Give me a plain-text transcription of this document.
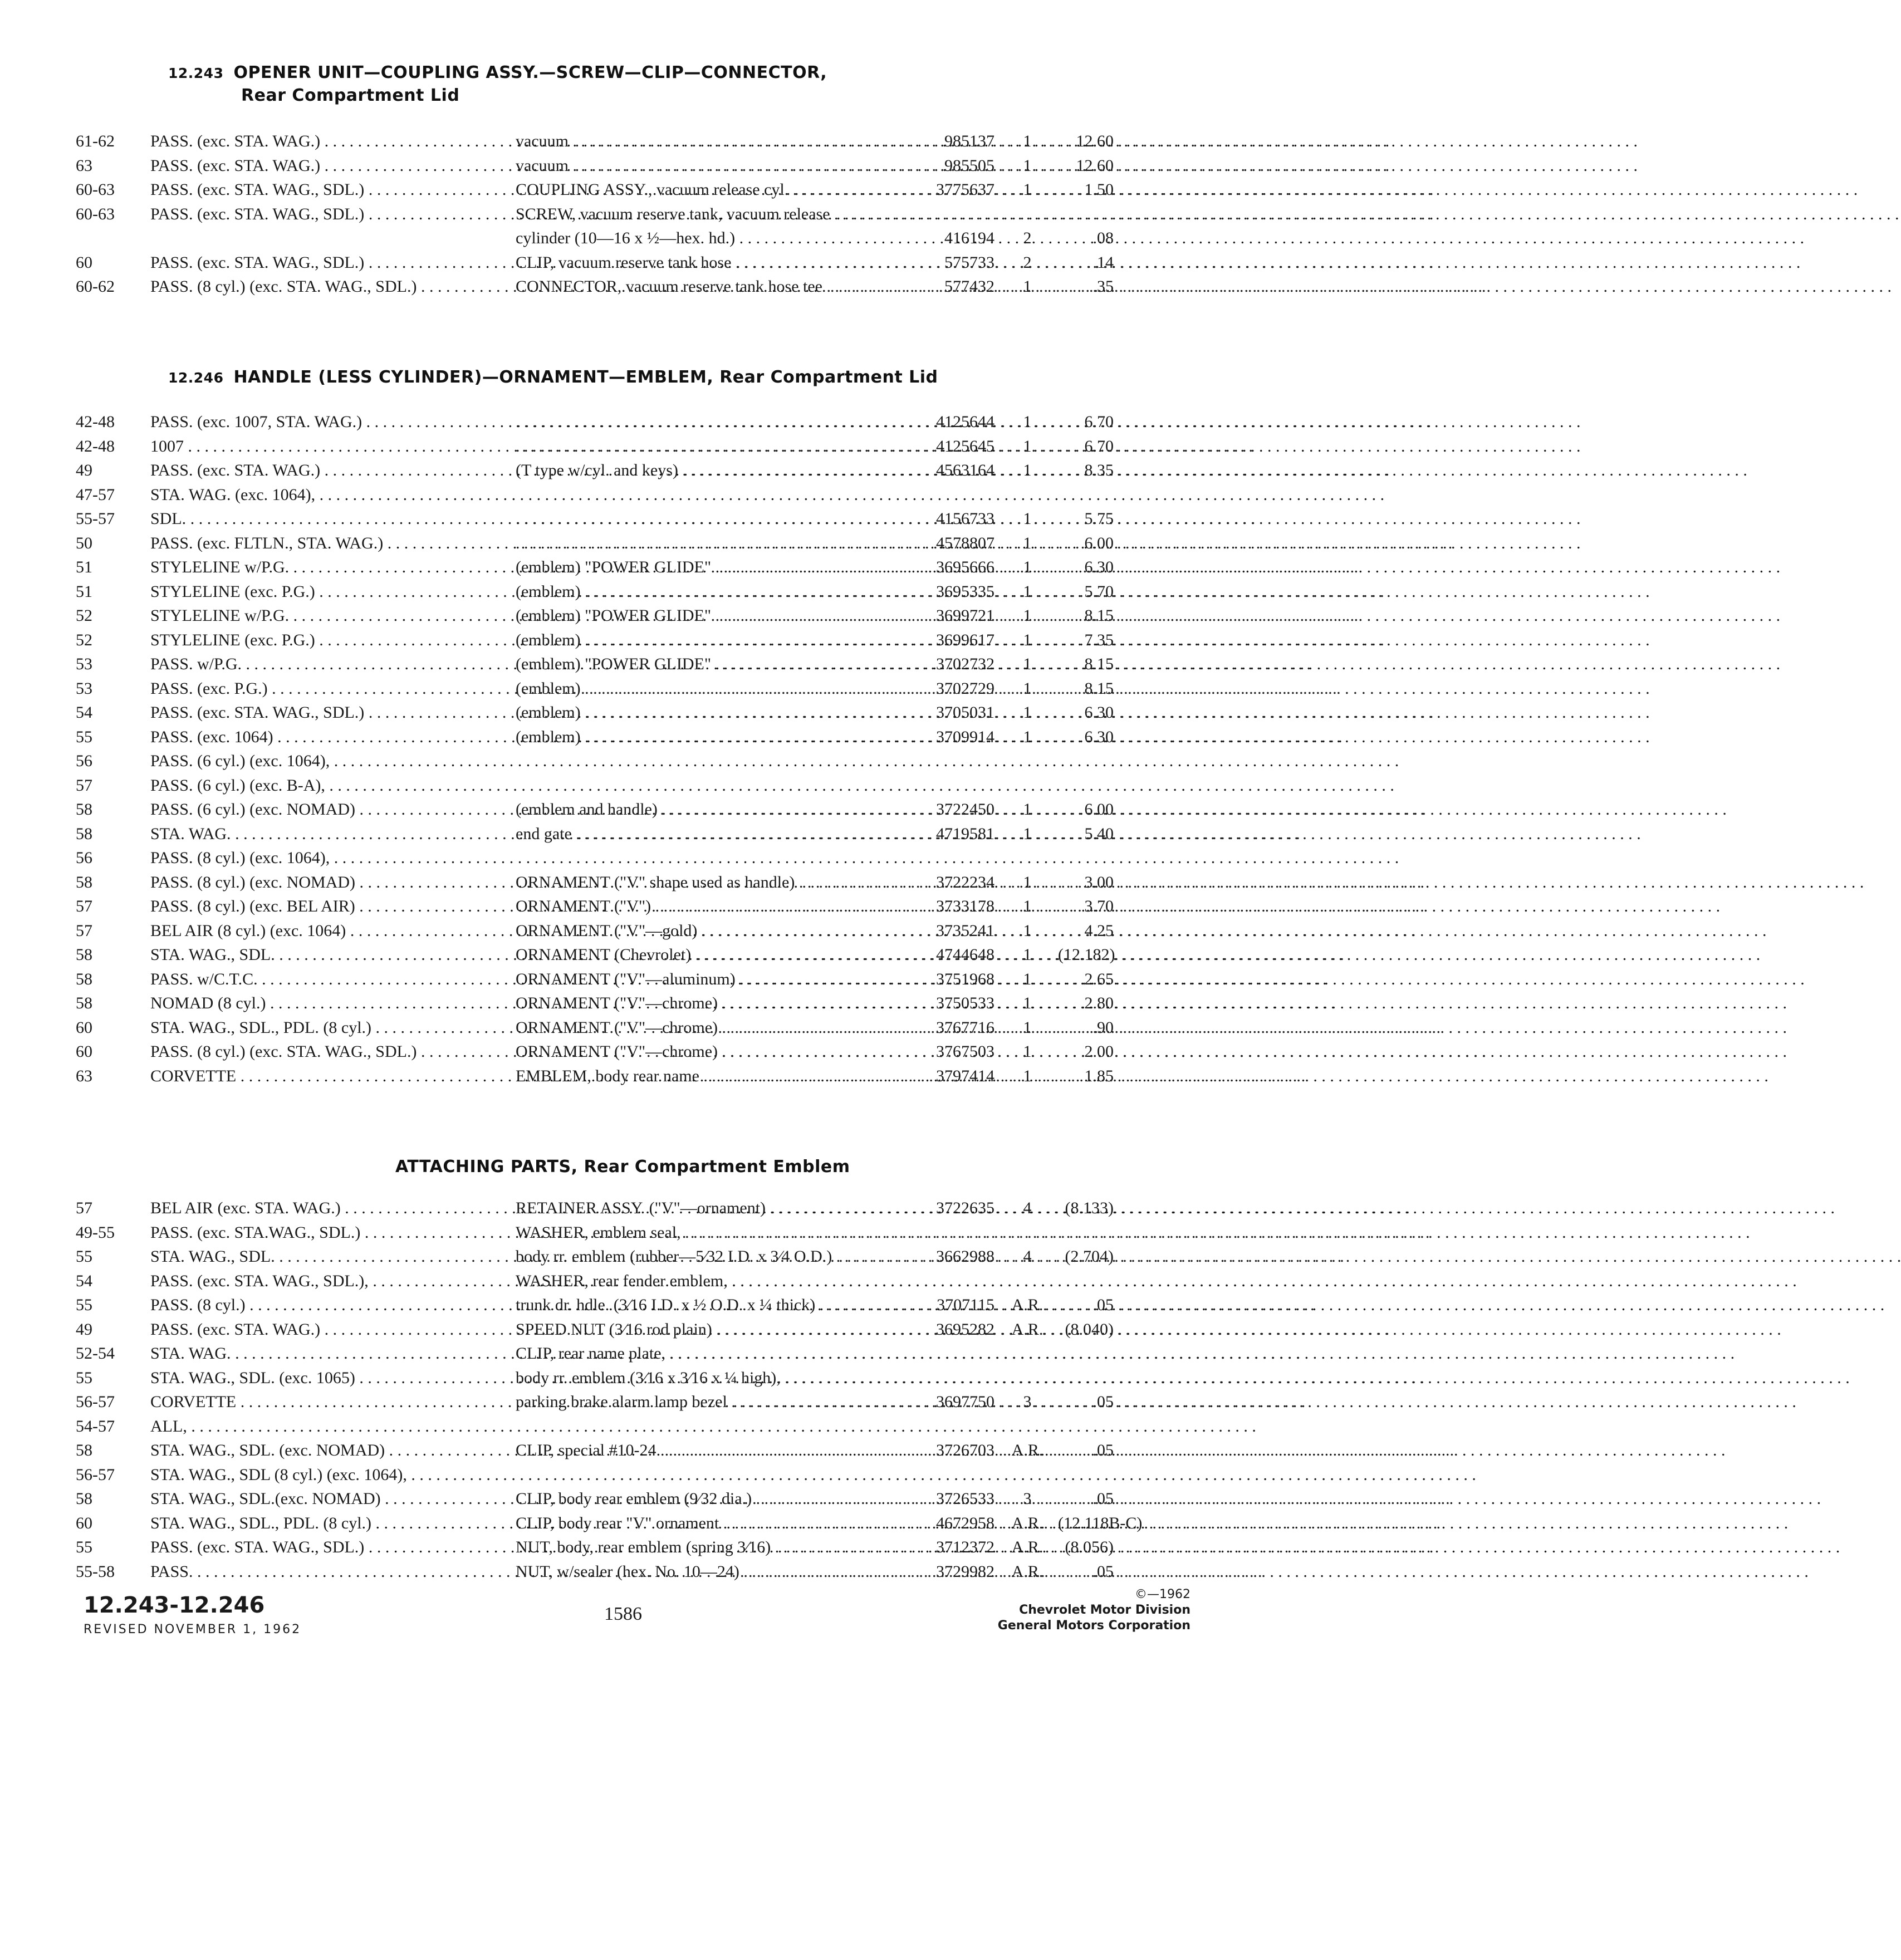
12.243 OPENER UNIT—COUPLING ASSY.—SCREW—CLIP—CONNECTOR,
Rear Compartment Lid
61-62	PASS. (exc. STA. WAG.) . . .	vacuum . . .	985137	1	12.60
63	PASS. (exc. STA. WAG.) . . .	vacuum . . .	985505	1	12.60
60-63	PASS. (exc. STA. WAG., SDL.) . . .	COUPLING ASSY., vacuum release cyl. . . .	3775637	1	1.50
60-63	PASS. (exc. STA. WAG., SDL.) . . .	SCREW, vacuum reserve tank, vacuum release . . .
cylinder (10—16 x ½—hex. hd.) . . .	416194	2	.08
60	PASS. (exc. STA. WAG., SDL.) . . .	CLIP, vacuum reserve tank hose . . .	575733	2	.14
60-62	PASS. (8 cyl.) (exc. STA. WAG., SDL.) . . .	CONNECTOR, vacuum reserve tank hose tee . . .	577432	1	.35
12.246 HANDLE (LESS CYLINDER)—ORNAMENT—EMBLEM, Rear Compartment Lid
42-48	PASS. (exc. 1007, STA. WAG.) . . . . . .	4125644	1	6.70
42-48	1007 . . . . . .	4125645	1	6.70
49	PASS. (exc. STA. WAG.) . . .	(T type w/cyl. and keys) . . .	4563164	1	8.35
47-57	STA. WAG. (exc. 1064), . . .
55-57	SDL. . . . . . .	4156733	1	5.75
50	PASS. (exc. FLTLN., STA. WAG.) . . . . . .	4578807	1	6.00
51	STYLELINE w/P.G. . . .	(emblem) "POWER GLIDE" . . .	3695666	1	6.30
51	STYLELINE (exc. P.G.) . . .	(emblem) . . .	3695335	1	5.70
52	STYLELINE w/P.G. . . .	(emblem) "POWER GLIDE" . . .	3699721	1	8.15
52	STYLELINE (exc. P.G.) . . .	(emblem) . . .	3699617	1	7.35
53	PASS. w/P.G. . . .	(emblem) "POWER GLIDE" . . .	3702732	1	8.15
53	PASS. (exc. P.G.) . . .	(emblem) . . .	3702729	1	8.15
54	PASS. (exc. STA. WAG., SDL.) . . .	(emblem) . . .	3705031	1	6.30
55	PASS. (exc. 1064) . . .	(emblem) . . .	3709914	1	6.30
56	PASS. (6 cyl.) (exc. 1064), . . .
57	PASS. (6 cyl.) (exc. B-A), . . .
58	PASS. (6 cyl.) (exc. NOMAD) . . .	(emblem and handle) . . .	3722450	1	6.00
58	STA. WAG. . . .	end gate . . .	4719581	1	5.40
56	PASS. (8 cyl.) (exc. 1064), . . .
58	PASS. (8 cyl.) (exc. NOMAD) . . .	ORNAMENT ("V" shape used as handle) . . .	3722234	1	3.00
57	PASS. (8 cyl.) (exc. BEL AIR) . . .	ORNAMENT ("V") . . .	3733178	1	3.70
57	BEL AIR (8 cyl.) (exc. 1064) . . .	ORNAMENT ("V"—gold) . . .	3735241	1	4.25
58	STA. WAG., SDL. . . .	ORNAMENT (Chevrolet) . . .	4744648	1	(12.182)
58	PASS. w/C.T.C. . . .	ORNAMENT ("V"—aluminum) . . .	3751968	1	2.65
58	NOMAD (8 cyl.) . . .	ORNAMENT ("V"—chrome) . . .	3750533	1	2.80
60	STA. WAG., SDL., PDL. (8 cyl.) . . .	ORNAMENT ("V"—chrome) . . .	3767716	1	.90
60	PASS. (8 cyl.) (exc. STA. WAG., SDL.) . . .	ORNAMENT ("V"—chrome) . . .	3767503	1	2.00
63	CORVETTE . . .	EMBLEM, body rear name . . .	3797414	1	1.85
ATTACHING PARTS, Rear Compartment Emblem
57	BEL AIR (exc. STA. WAG.) . . .	RETAINER ASSY. ("V"—ornament) . . .	3722635	4	(8.133)
49-55	PASS. (exc. STA.WAG., SDL.) . . .	WASHER, emblem seal, . . .
55	STA. WAG., SDL. . . .	body rr. emblem (rubber—5⁄32 I.D. x 3⁄4 O.D.) . . .	3662988	4	(2.704)
54	PASS. (exc. STA. WAG., SDL.), . . .	WASHER, rear fender emblem, . . .
55	PASS. (8 cyl.) . . .	trunk dr. hdle. (3⁄16 I.D. x ½ O.D. x ¼ thick) . . .	3707115	A.R.	.05
49	PASS. (exc. STA. WAG.) . . .	SPEED NUT (3⁄16 rod plain) . . .	3695282	A.R.	(8.040)
52-54	STA. WAG. . . .	CLIP, rear name plate, . . .
55	STA. WAG., SDL. (exc. 1065) . . .	body rr. emblem (3⁄16 x 3⁄16 x ¼ high), . . .
56-57	CORVETTE . . .	parking brake alarm lamp bezel . . .	3697750	3	.05
54-57	ALL, . . .
58	STA. WAG., SDL. (exc. NOMAD) . . .	CLIP, special #10-24 . . .	3726703	A.R.	.05
56-57	STA. WAG., SDL (8 cyl.) (exc. 1064), . . .
58	STA. WAG., SDL.(exc. NOMAD) . . .	CLIP, body rear emblem (9⁄32 dia.) . . .	3726533	3	.05
60	STA. WAG., SDL., PDL. (8 cyl.) . . .	CLIP, body rear "V" ornament . . .	4672958	A.R. (12.118B-C)
55	PASS. (exc. STA. WAG., SDL.) . . .	NUT, body, rear emblem (spring 3⁄16) . . .	3712372	A.R.	(8.056)
55-58	PASS. . . .	NUT, w/sealer (hex. No. 10—24) . . .	3729982	A.R.	.05
12.243-12.246
REVISED NOVEMBER 1, 1962
1586
©—1962
Chevrolet Motor Division
General Motors Corporation
